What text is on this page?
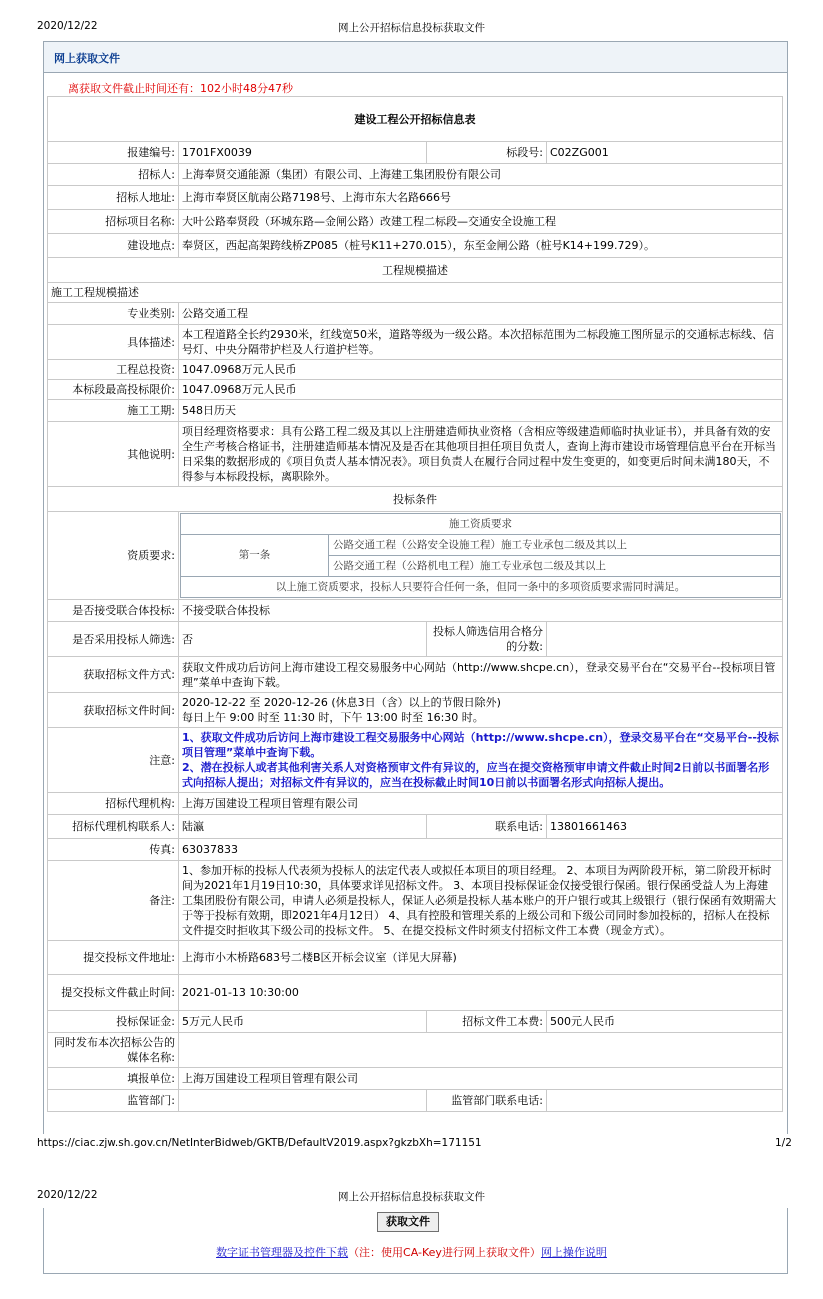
2020/12/22	网上公开招标信息投标获取文件
网上获取文件
离获取文件截止时间还有：102小时48分47秒
建设工程公开招标信息表
报建编号:	1701FX0039	标段号:	C02ZG001
招标人:	上海奉贤交通能源（集团）有限公司、上海建工集团股份有限公司
招标人地址:	上海市奉贤区航南公路7198号、上海市东大名路666号
招标项目名称:	大叶公路奉贤段（环城东路—金闸公路）改建工程二标段—交通安全设施工程
建设地点:	奉贤区，西起高架跨线桥ZP085（桩号K11+270.015），东至金闸公路（桩号K14+199.729）。
工程规模描述
施工工程规模描述
专业类别:	公路交通工程
具体描述:	本工程道路全长约2930米，红线宽50米，道路等级为一级公路。本次招标范围为二标段施工图所显示的交通标志标线、信号灯、中央分隔带护栏及人行道护栏等。
工程总投资:	1047.0968万元人民币
本标段最高投标限价:	1047.0968万元人民币
施工工期:	548日历天
其他说明:	项目经理资格要求：具有公路工程二级及其以上注册建造师执业资格（含相应等级建造师临时执业证书），并具备有效的安全生产考核合格证书，注册建造师基本情况及是否在其他项目担任项目负责人，查询上海市建设市场管理信息平台在开标当日采集的数据形成的《项目负责人基本情况表》。项目负责人在履行合同过程中发生变更的，如变更后时间未满180天，不得参与本标段投标，离职除外。
投标条件
资质要求:	
施工资质要求
第一条	公路交通工程（公路安全设施工程）施工专业承包二级及其以上
公路交通工程（公路机电工程）施工专业承包二级及其以上
以上施工资质要求，投标人只要符合任何一条，但同一条中的多项资质要求需同时满足。

是否接受联合体投标:	不接受联合体投标
是否采用投标人筛选:	否	投标人筛选信用合格分的分数:	
获取招标文件方式:	获取文件成功后访问上海市建设工程交易服务中心网站（http://www.shcpe.cn），登录交易平台在“交易平台--投标项目管理”菜单中查询下载。
获取招标文件时间:	
2020-12-22 至 2020-12-26 (休息3日（含）以上的节假日除外)
每日上午 9:00 时至 11:30 时，下午 13:00 时至 16:30 时。

注意:	
1、获取文件成功后访问上海市建设工程交易服务中心网站（http://www.shcpe.cn），登录交易平台在“交易平台--投标项目管理”菜单中查询下载。
2、潜在投标人或者其他利害关系人对资格预审文件有异议的，应当在提交资格预审申请文件截止时间2日前以书面署名形式向招标人提出；对招标文件有异议的，应当在投标截止时间10日前以书面署名形式向招标人提出。

招标代理机构:	上海万国建设工程项目管理有限公司
招标代理机构联系人:	陆瀛	联系电话:	13801661463
传真:	63037833
备注:	1、参加开标的投标人代表须为投标人的法定代表人或拟任本项目的项目经理。 2、本项目为两阶段开标，第二阶段开标时间为2021年1月19日10:30，具体要求详见招标文件。 3、本项目投标保证金仅接受银行保函。银行保函受益人为上海建工集团股份有限公司，申请人必须是投标人，保证人必须是投标人基本账户的开户银行或其上级银行（银行保函有效期需大于等于投标有效期，即2021年4月12日） 4、具有控股和管理关系的上级公司和下级公司同时参加投标的，招标人在投标文件提交时拒收其下级公司的投标文件。 5、在提交投标文件时须支付招标文件工本费（现金方式）。
提交投标文件地址:	上海市小木桥路683号二楼B区开标会议室（详见大屏幕)
提交投标文件截止时间:	2021-01-13 10:30:00
投标保证金:	5万元人民币	招标文件工本费:	500元人民币
同时发布本次招标公告的媒体名称:	
填报单位:	上海万国建设工程项目管理有限公司
监管部门:		监管部门联系电话:	
https://ciac.zjw.sh.gov.cn/NetInterBidweb/GKTB/DefaultV2019.aspx?gkzbXh=171151	1/2
2020/12/22	网上公开招标信息投标获取文件
获取文件
数字证书管理器及控件下载（注：使用CA-Key进行网上获取文件）网上操作说明
